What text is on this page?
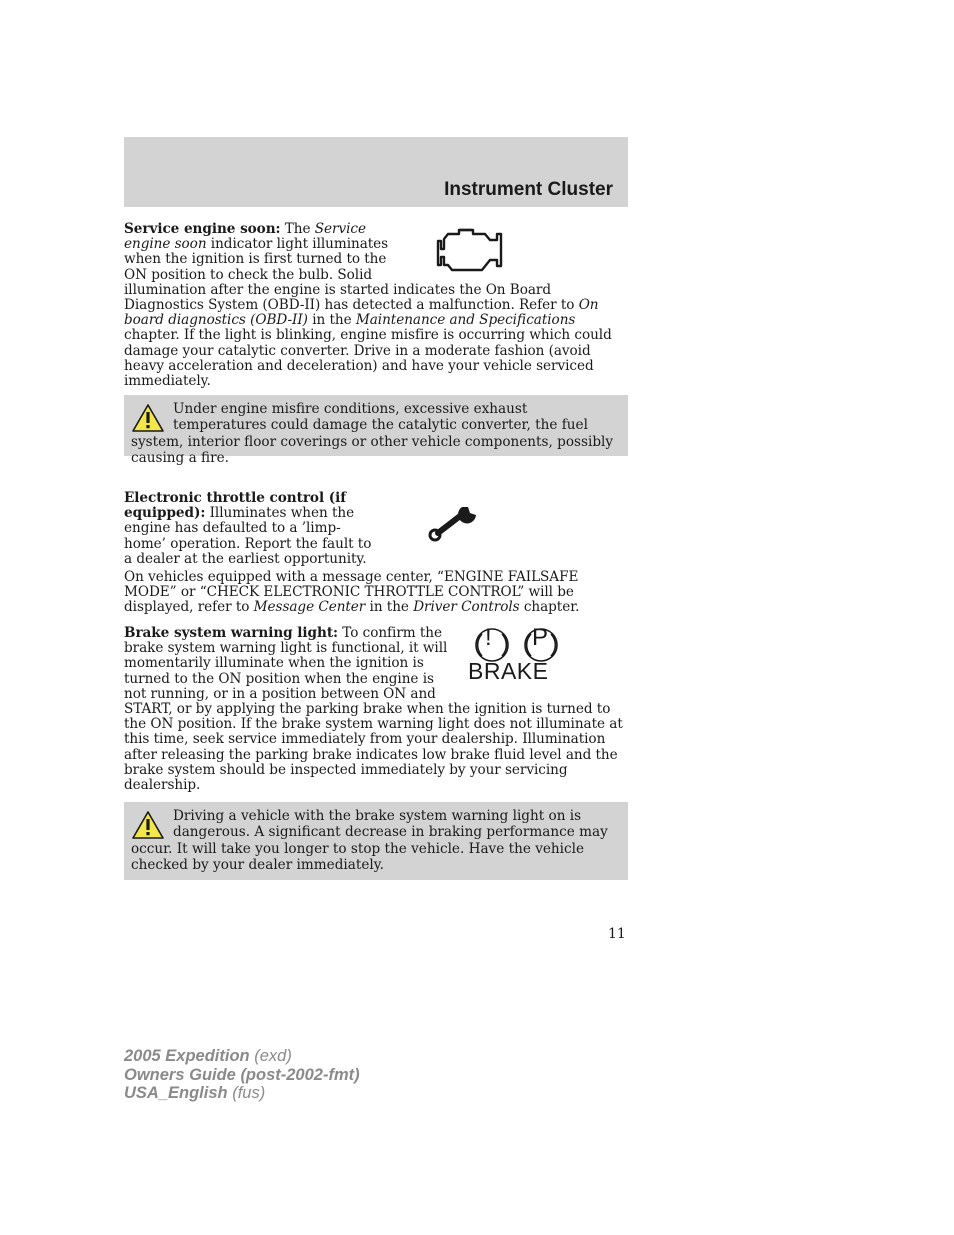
Instrument Cluster
Service engine soon: The Service engine soon indicator light illuminates when the ignition is first turned to the ON position to check the bulb. Solid illumination after the engine is started indicates the On Board Diagnostics System (OBD-II) has detected a malfunction. Refer to On board diagnostics (OBD-II) in the Maintenance and Specifications chapter. If the light is blinking, engine misfire is occurring which could damage your catalytic converter. Drive in a moderate fashion (avoid heavy acceleration and deceleration) and have your vehicle serviced immediately.
Under engine misfire conditions, excessive exhaust temperatures could damage the catalytic converter, the fuel system, interior floor coverings or other vehicle components, possibly causing a fire.
Electronic throttle control (if equipped): Illuminates when the engine has defaulted to a ’limp-home’ operation. Report the fault to a dealer at the earliest opportunity.

On vehicles equipped with a message center, “ENGINE FAILSAFE MODE” or “CHECK ELECTRONIC THROTTLE CONTROL” will be displayed, refer to Message Center in the Driver Controls chapter.

! P
BRAKE
Brake system warning light: To confirm the brake system warning light is functional, it will momentarily illuminate when the ignition is turned to the ON position when the engine is not running, or in a position between ON and START, or by applying the parking brake when the ignition is turned to the ON position. If the brake system warning light does not illuminate at this time, seek service immediately from your dealership. Illumination after releasing the parking brake indicates low brake fluid level and the brake system should be inspected immediately by your servicing dealership.
Driving a vehicle with the brake system warning light on is dangerous. A significant decrease in braking performance may occur. It will take you longer to stop the vehicle. Have the vehicle checked by your dealer immediately.
11
2005 Expedition (exd)
Owners Guide (post-2002-fmt)
USA_English (fus)
